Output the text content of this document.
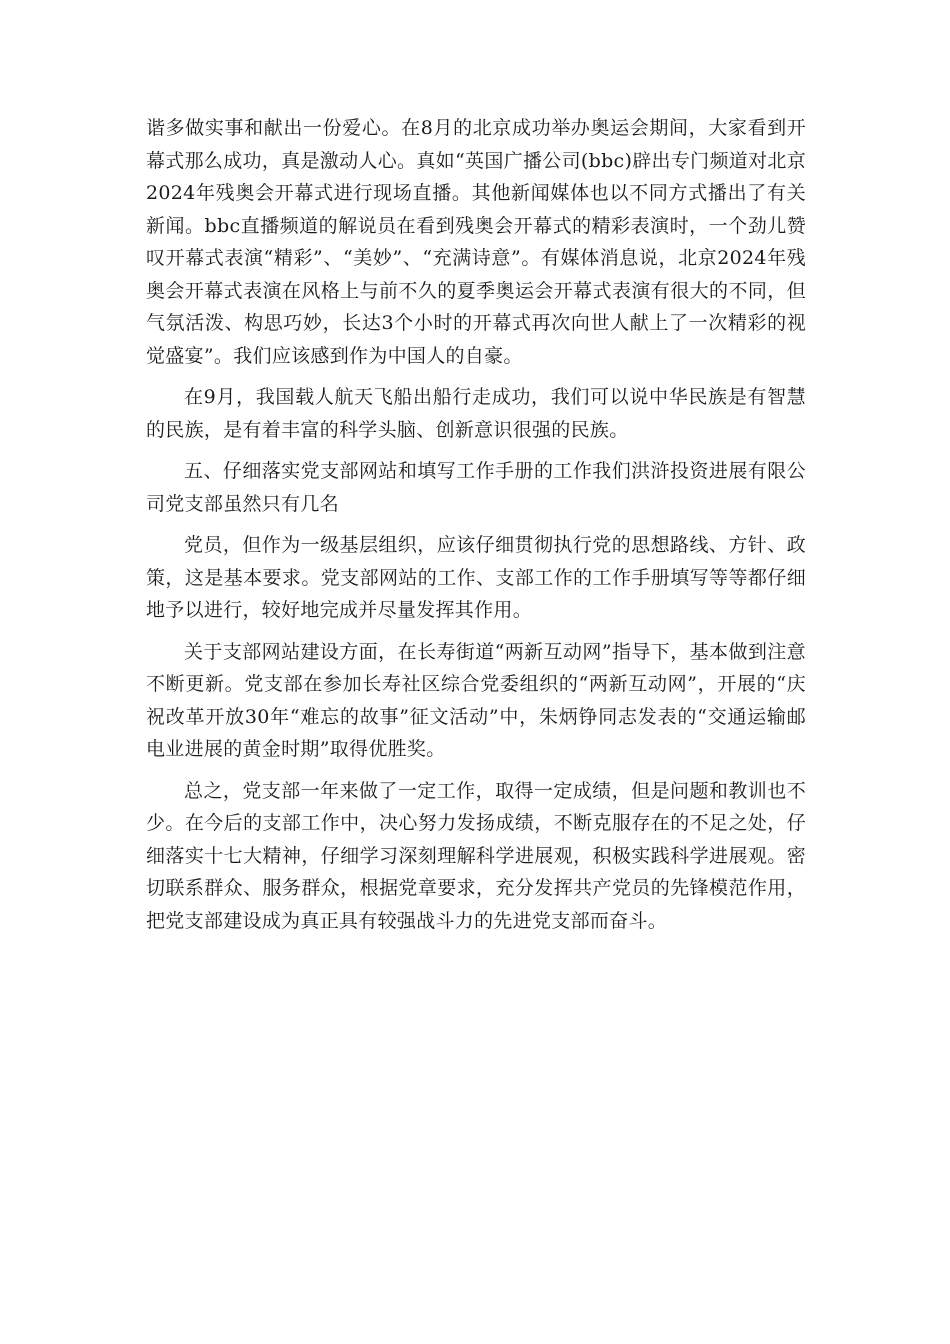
谐多做实事和献出一份爱心。在8月的北京成功举办奥运会期间，大家看到开幕式那么成功，真是激动人心。真如“英国广播公司(bbc)辟出专门频道对北京2024年残奥会开幕式进行现场直播。其他新闻媒体也以不同方式播出了有关新闻。bbc直播频道的解说员在看到残奥会开幕式的精彩表演时，一个劲儿赞叹开幕式表演“精彩”、“美妙”、“充满诗意”。有媒体消息说，北京2024年残奥会开幕式表演在风格上与前不久的夏季奥运会开幕式表演有很大的不同，但气氛活泼、构思巧妙，长达3个小时的开幕式再次向世人献上了一次精彩的视觉盛宴”。我们应该感到作为中国人的自豪。

在9月，我国载人航天飞船出船行走成功，我们可以说中华民族是有智慧的民族，是有着丰富的科学头脑、创新意识很强的民族。

五、仔细落实党支部网站和填写工作手册的工作我们洪浒投资进展有限公司党支部虽然只有几名

党员，但作为一级基层组织，应该仔细贯彻执行党的思想路线、方针、政策，这是基本要求。党支部网站的工作、支部工作的工作手册填写等等都仔细地予以进行，较好地完成并尽量发挥其作用。

关于支部网站建设方面，在长寿街道“两新互动网”指导下，基本做到注意不断更新。党支部在参加长寿社区综合党委组织的“两新互动网”，开展的“庆祝改革开放30年“难忘的故事”征文活动”中，朱炳铮同志发表的“交通运输邮电业进展的黄金时期”取得优胜奖。

总之，党支部一年来做了一定工作，取得一定成绩，但是问题和教训也不少。在今后的支部工作中，决心努力发扬成绩，不断克服存在的不足之处，仔细落实十七大精神，仔细学习深刻理解科学进展观，积极实践科学进展观。密切联系群众、服务群众，根据党章要求，充分发挥共产党员的先锋模范作用，把党支部建设成为真正具有较强战斗力的先进党支部而奋斗。
